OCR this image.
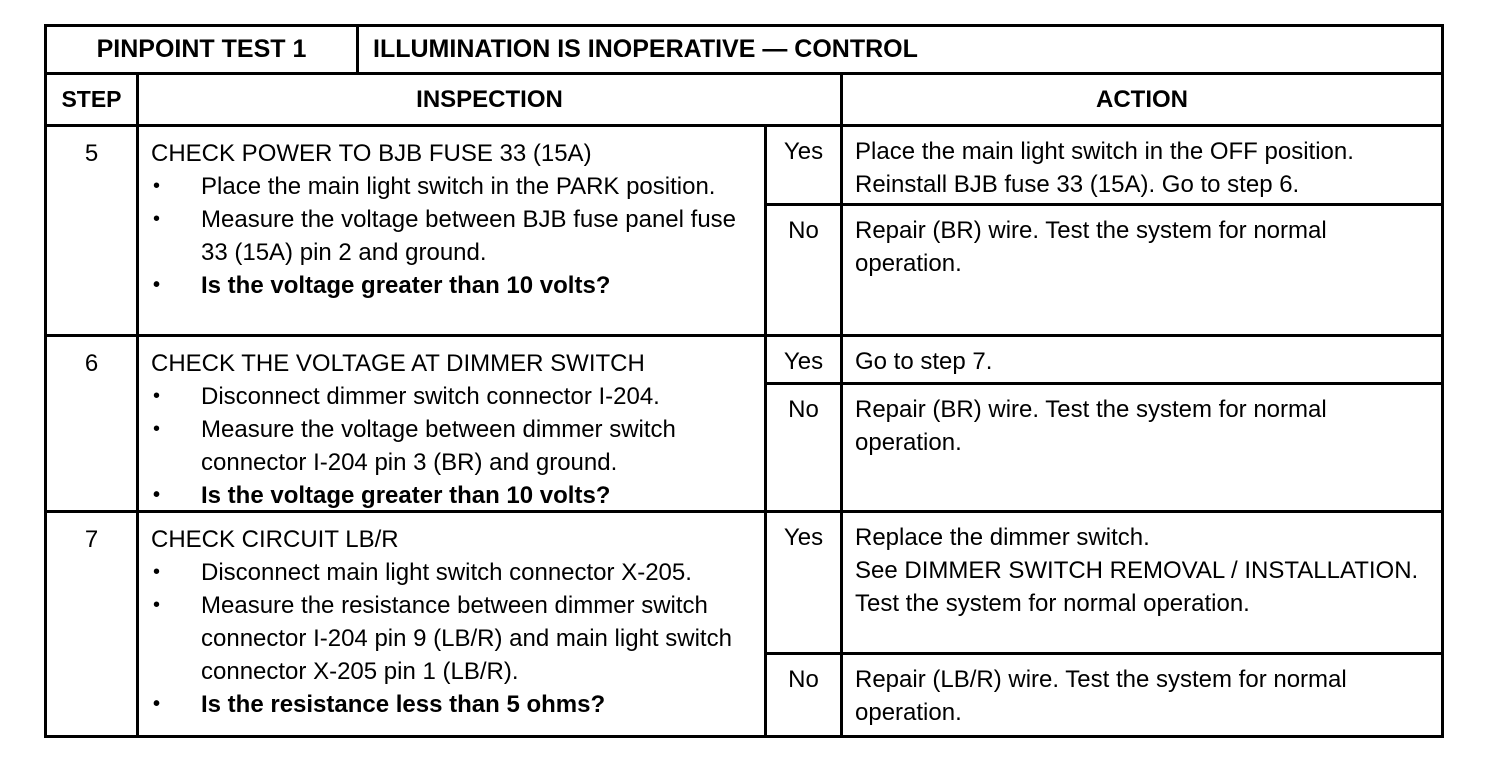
PINPOINT TEST 1	ILLUMINATION IS INOPERATIVE — CONTROL
STEP	INSPECTION	ACTION
5	CHECK POWER TO BJB FUSE 33 (15A)
• Place the main light switch in the PARK position.
• Measure the voltage between BJB fuse panel fuse 33 (15A) pin 2 and ground.
• Is the voltage greater than 10 volts?
Yes	Place the main light switch in the OFF position.
Reinstall BJB fuse 33 (15A). Go to step 6.
No	Repair (BR) wire. Test the system for normal operation.
6	CHECK THE VOLTAGE AT DIMMER SWITCH
• Disconnect dimmer switch connector I-204.
• Measure the voltage between dimmer switch connector I-204 pin 3 (BR) and ground.
• Is the voltage greater than 10 volts?
Yes	Go to step 7.
No	Repair (BR) wire. Test the system for normal operation.
7	CHECK CIRCUIT LB/R
• Disconnect main light switch connector X-205.
• Measure the resistance between dimmer switch connector I-204 pin 9 (LB/R) and main light switch connector X-205 pin 1 (LB/R).
• Is the resistance less than 5 ohms?
Yes	Replace the dimmer switch.
See DIMMER SWITCH REMOVAL / INSTALLATION.
Test the system for normal operation.
No	Repair (LB/R) wire. Test the system for normal operation.
